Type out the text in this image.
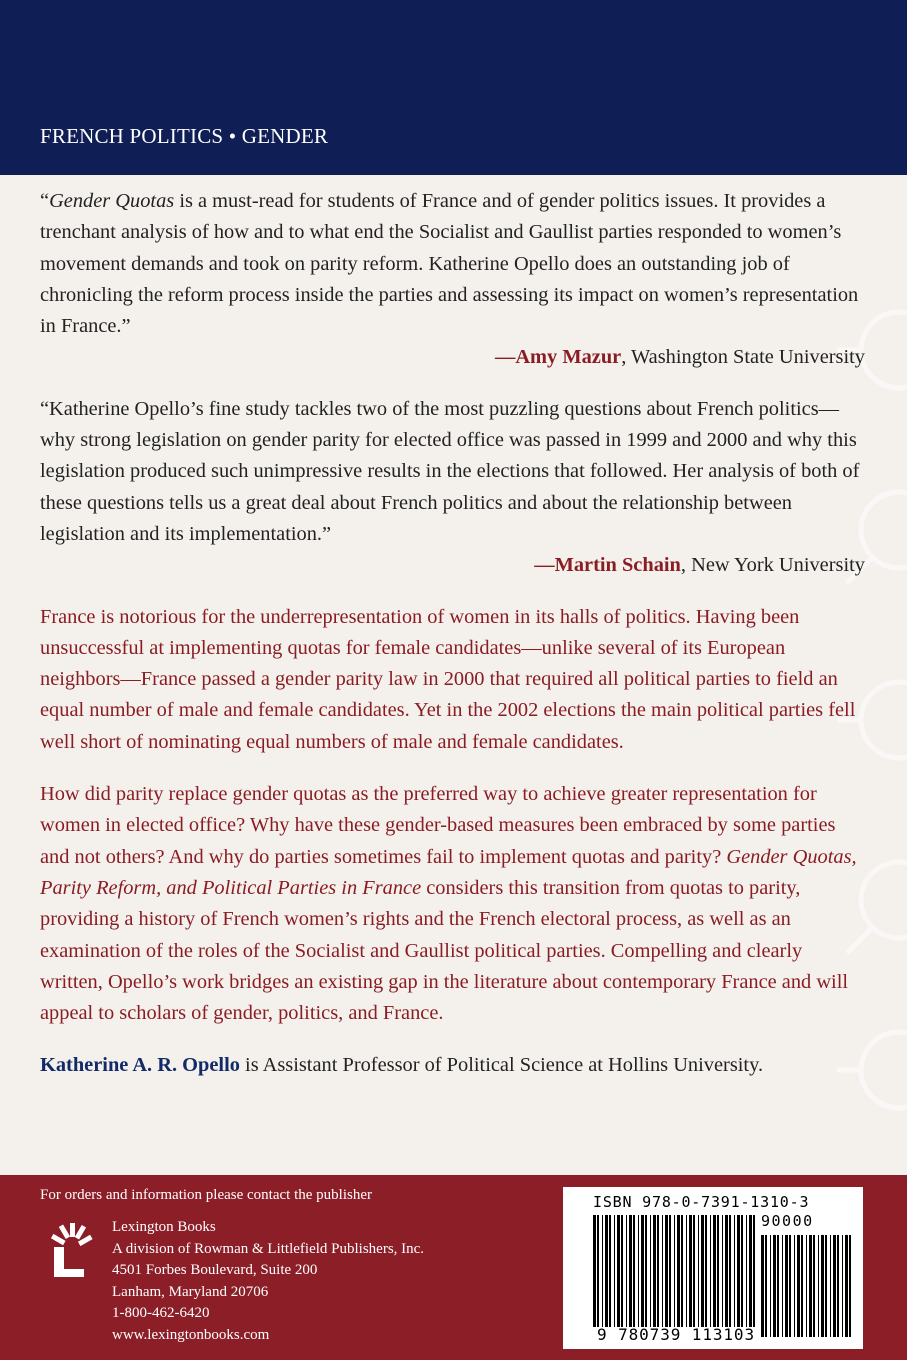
FRENCH POLITICS • GENDER

“Gender Quotas is a must-read for students of France and of gender politics issues. It provides a trenchant analysis of how and to what end the Socialist and Gaullist parties responded to women’s movement demands and took on parity reform. Katherine Opello does an outstanding job of chronicling the reform process inside the parties and assessing its impact on women’s representation in France.”

—Amy Mazur, Washington State University

“Katherine Opello’s fine study tackles two of the most puzzling questions about French politics—why strong legislation on gender parity for elected office was passed in 1999 and 2000 and why this legislation produced such unimpressive results in the elections that followed. Her analysis of both of these questions tells us a great deal about French politics and about the relationship between legislation and its implementation.”

—Martin Schain, New York University

France is notorious for the underrepresentation of women in its halls of politics. Having been unsuccessful at implementing quotas for female candidates—unlike several of its European neighbors—France passed a gender parity law in 2000 that required all political parties to field an equal number of male and female candidates. Yet in the 2002 elections the main political parties fell well short of nominating equal numbers of male and female candidates.

How did parity replace gender quotas as the preferred way to achieve greater representation for women in elected office? Why have these gender-based measures been embraced by some parties and not others? And why do parties sometimes fail to implement quotas and parity? Gender Quotas, Parity Reform, and Political Parties in France considers this transition from quotas to parity, providing a history of French women’s rights and the French electoral process, as well as an examination of the roles of the Socialist and Gaullist political parties. Compelling and clearly written, Opello’s work bridges an existing gap in the literature about contemporary France and will appeal to scholars of gender, politics, and France.

Katherine A. R. Opello is Assistant Professor of Political Science at Hollins University.
For orders and information please contact the publisher
Lexington Books
A division of Rowman & Littlefield Publishers, Inc.
4501 Forbes Boulevard, Suite 200
Lanham, Maryland 20706
1-800-462-6420
www.lexingtonbooks.com
ISBN 978-0-7391-1310-3
90000
9 780739 113103
